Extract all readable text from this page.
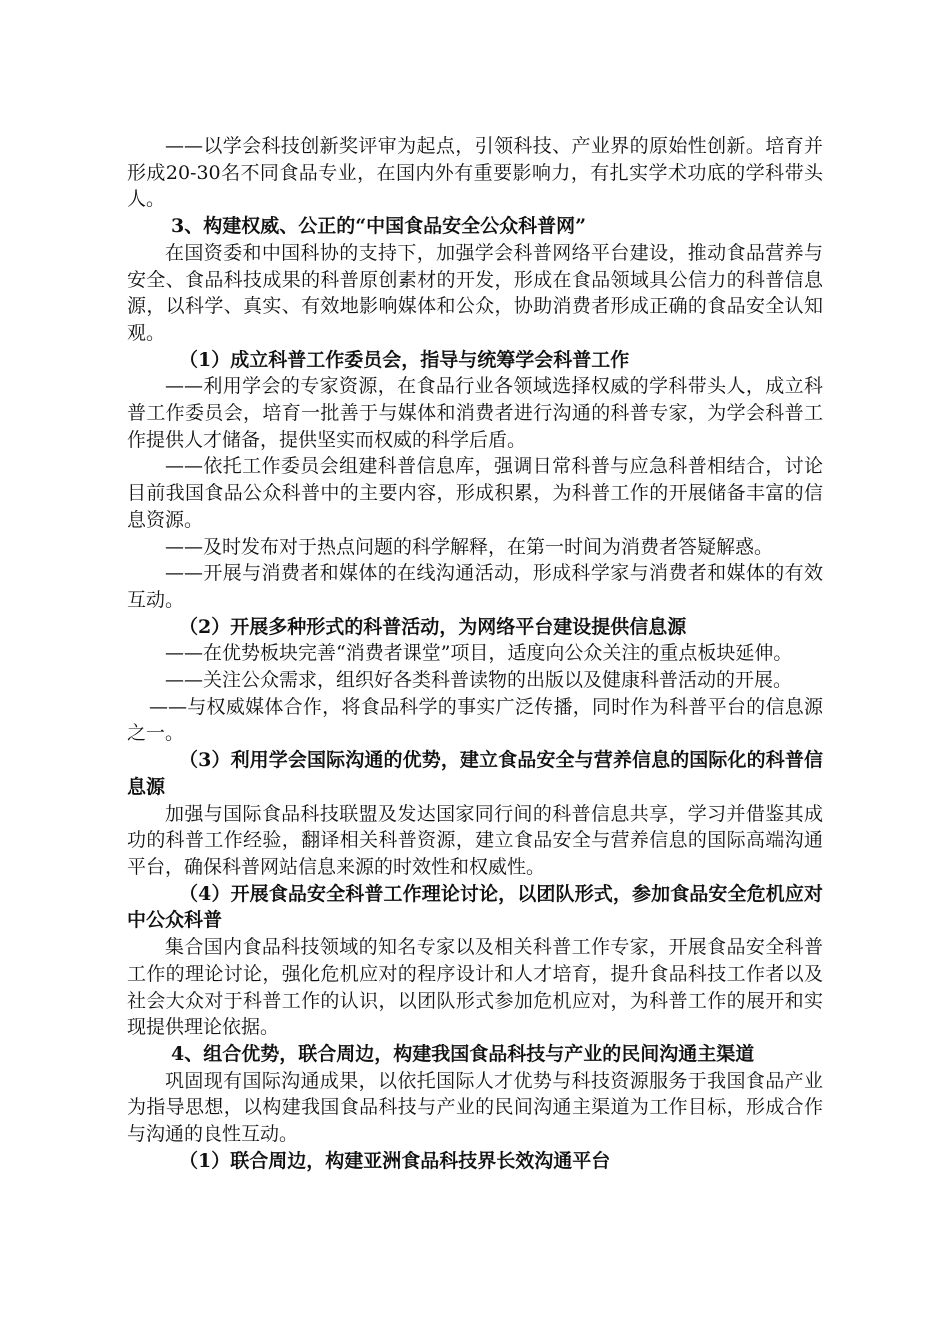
——以学会科技创新奖评审为起点，引领科技、产业界的原始性创新。培育并形成20-30名不同食品专业，在国内外有重要影响力，有扎实学术功底的学科带头人。

3、构建权威、公正的“中国食品安全公众科普网”

在国资委和中国科协的支持下，加强学会科普网络平台建设，推动食品营养与安全、食品科技成果的科普原创素材的开发，形成在食品领域具公信力的科普信息源，以科学、真实、有效地影响媒体和公众，协助消费者形成正确的食品安全认知观。

（1）成立科普工作委员会，指导与统筹学会科普工作

——利用学会的专家资源，在食品行业各领域选择权威的学科带头人，成立科普工作委员会，培育一批善于与媒体和消费者进行沟通的科普专家，为学会科普工作提供人才储备，提供坚实而权威的科学后盾。

——依托工作委员会组建科普信息库，强调日常科普与应急科普相结合，讨论目前我国食品公众科普中的主要内容，形成积累，为科普工作的开展储备丰富的信息资源。

——及时发布对于热点问题的科学解释，在第一时间为消费者答疑解惑。

——开展与消费者和媒体的在线沟通活动，形成科学家与消费者和媒体的有效互动。

（2）开展多种形式的科普活动，为网络平台建设提供信息源

——在优势板块完善“消费者课堂”项目，适度向公众关注的重点板块延伸。

——关注公众需求，组织好各类科普读物的出版以及健康科普活动的开展。

——与权威媒体合作，将食品科学的事实广泛传播，同时作为科普平台的信息源之一。

（3）利用学会国际沟通的优势，建立食品安全与营养信息的国际化的科普信息源

加强与国际食品科技联盟及发达国家同行间的科普信息共享，学习并借鉴其成功的科普工作经验，翻译相关科普资源，建立食品安全与营养信息的国际高端沟通平台，确保科普网站信息来源的时效性和权威性。

（4）开展食品安全科普工作理论讨论，以团队形式，参加食品安全危机应对中公众科普

集合国内食品科技领域的知名专家以及相关科普工作专家，开展食品安全科普工作的理论讨论，强化危机应对的程序设计和人才培育，提升食品科技工作者以及社会大众对于科普工作的认识，以团队形式参加危机应对，为科普工作的展开和实现提供理论依据。

4、组合优势，联合周边，构建我国食品科技与产业的民间沟通主渠道

巩固现有国际沟通成果，以依托国际人才优势与科技资源服务于我国食品产业为指导思想，以构建我国食品科技与产业的民间沟通主渠道为工作目标，形成合作与沟通的良性互动。

（1）联合周边，构建亚洲食品科技界长效沟通平台
